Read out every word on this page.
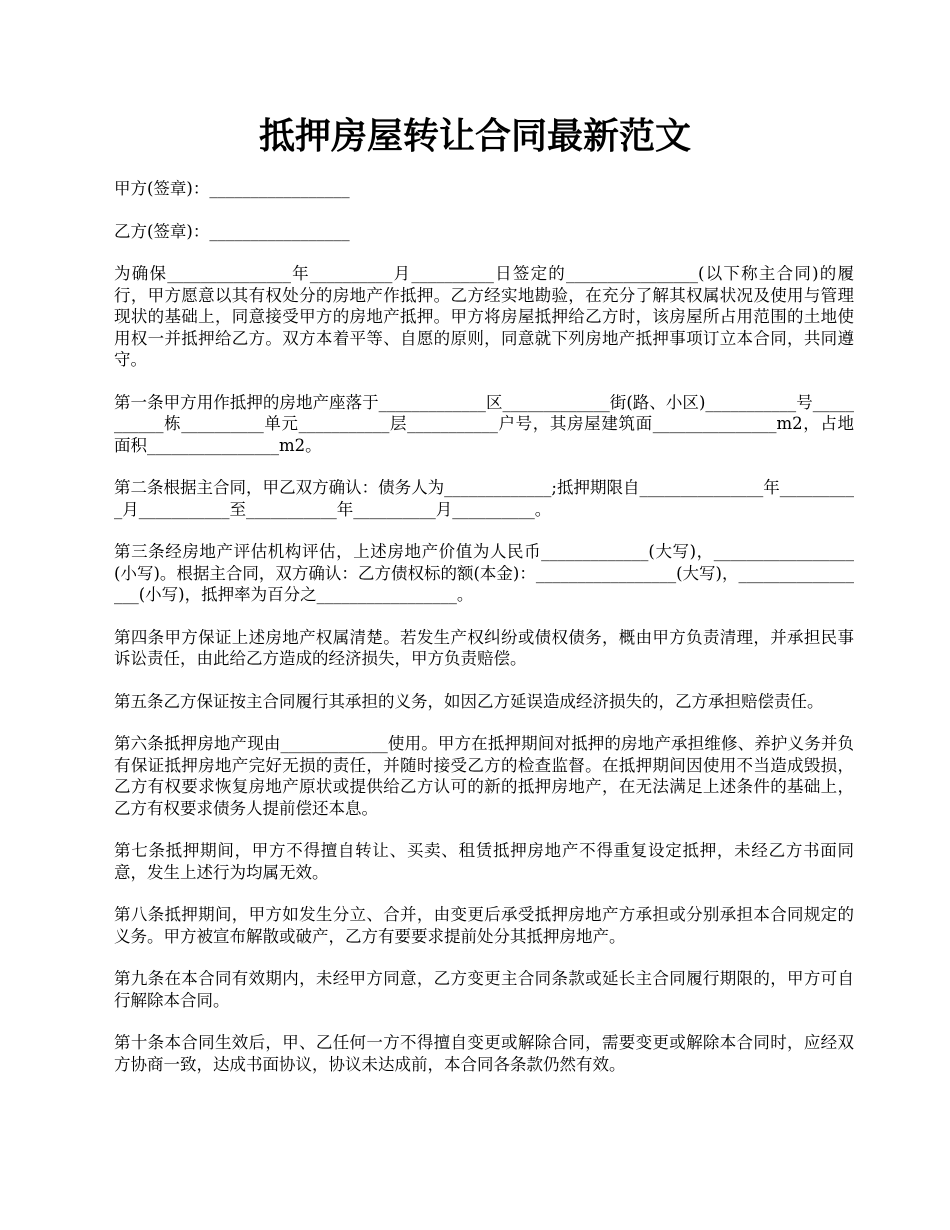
抵押房屋转让合同最新范文

甲方(签章)：_________________

乙方(签章)：_________________

为确保_______________年__________月__________日签定的________________(以下称主合同)的履行，甲方愿意以其有权处分的房地产作抵押。乙方经实地勘验，在充分了解其权属状况及使用与管理现状的基础上，同意接受甲方的房地产抵押。甲方将房屋抵押给乙方时，该房屋所占用范围的土地使用权一并抵押给乙方。双方本着平等、自愿的原则，同意就下列房地产抵押事项订立本合同，共同遵守。

第一条甲方用作抵押的房地产座落于_____________区_____________街(路、小区)___________号___________栋__________单元___________层___________户号，其房屋建筑面_______________m2，占地面积________________m2。

第二条根据主合同，甲乙双方确认：债务人为_____________;抵押期限自_______________年__________月___________至___________年__________月__________。

第三条经房地产评估机构评估，上述房地产价值为人民币_____________(大写)，_________________(小写)。根据主合同，双方确认：乙方债权标的额(本金)：_________________(大写)，_________________(小写)，抵押率为百分之_________________。

第四条甲方保证上述房地产权属清楚。若发生产权纠纷或债权债务，概由甲方负责清理，并承担民事诉讼责任，由此给乙方造成的经济损失，甲方负责赔偿。

第五条乙方保证按主合同履行其承担的义务，如因乙方延误造成经济损失的，乙方承担赔偿责任。

第六条抵押房地产现由_____________使用。甲方在抵押期间对抵押的房地产承担维修、养护义务并负有保证抵押房地产完好无损的责任，并随时接受乙方的检查监督。在抵押期间因使用不当造成毁损，乙方有权要求恢复房地产原状或提供给乙方认可的新的抵押房地产，在无法满足上述条件的基础上，乙方有权要求债务人提前偿还本息。

第七条抵押期间，甲方不得擅自转让、买卖、租赁抵押房地产不得重复设定抵押，未经乙方书面同意，发生上述行为均属无效。

第八条抵押期间，甲方如发生分立、合并，由变更后承受抵押房地产方承担或分别承担本合同规定的义务。甲方被宣布解散或破产，乙方有要要求提前处分其抵押房地产。

第九条在本合同有效期内，未经甲方同意，乙方变更主合同条款或延长主合同履行期限的，甲方可自行解除本合同。

第十条本合同生效后，甲、乙任何一方不得擅自变更或解除合同，需要变更或解除本合同时，应经双方协商一致，达成书面协议，协议未达成前，本合同各条款仍然有效。
